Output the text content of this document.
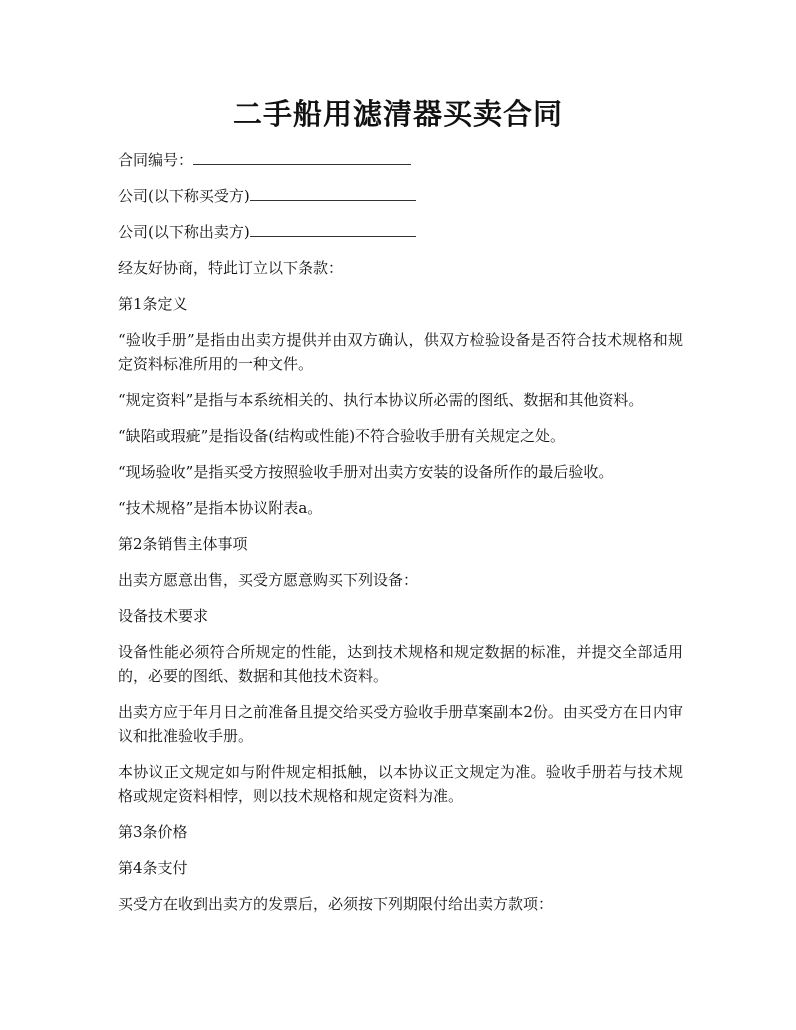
二手船用滤清器买卖合同

合同编号：

公司(以下称买受方)

公司(以下称出卖方)

经友好协商，特此订立以下条款：

第1条定义

“验收手册”是指由出卖方提供并由双方确认，供双方检验设备是否符合技术规格和规定资料标准所用的一种文件。

“规定资料”是指与本系统相关的、执行本协议所必需的图纸、数据和其他资料。

“缺陷或瑕疵”是指设备(结构或性能)不符合验收手册有关规定之处。

“现场验收”是指买受方按照验收手册对出卖方安装的设备所作的最后验收。

“技术规格”是指本协议附表a。

第2条销售主体事项

出卖方愿意出售，买受方愿意购买下列设备：

设备技术要求

设备性能必须符合所规定的性能，达到技术规格和规定数据的标准，并提交全部适用的，必要的图纸、数据和其他技术资料。

出卖方应于年月日之前准备且提交给买受方验收手册草案副本2份。由买受方在日内审议和批准验收手册。

本协议正文规定如与附件规定相抵触，以本协议正文规定为准。验收手册若与技术规格或规定资料相悖，则以技术规格和规定资料为准。

第3条价格

第4条支付

买受方在收到出卖方的发票后，必须按下列期限付给出卖方款项：
